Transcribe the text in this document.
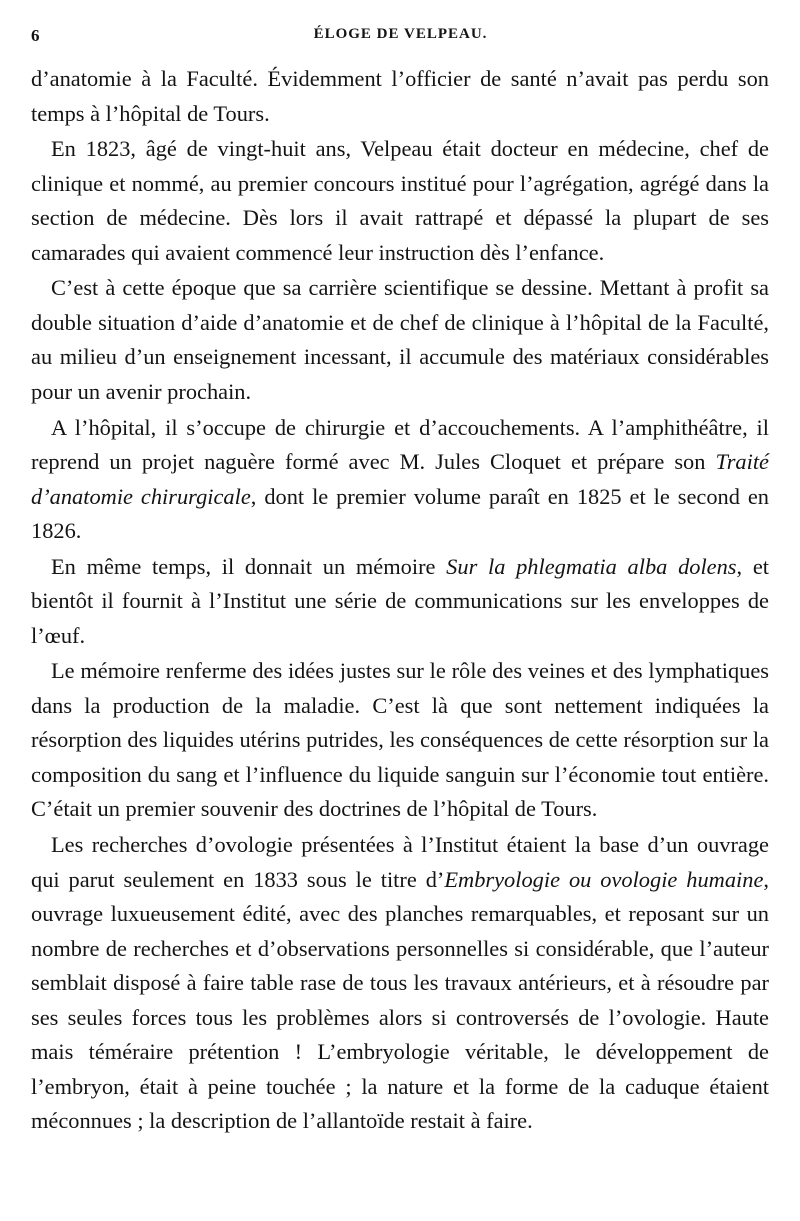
6	ÉLOGE DE VELPEAU.

d’anatomie à la Faculté. Évidemment l’officier de santé n’avait pas perdu son temps à l’hôpital de Tours.

En 1823, âgé de vingt-huit ans, Velpeau était docteur en médecine, chef de clinique et nommé, au premier concours institué pour l’agrégation, agrégé dans la section de médecine. Dès lors il avait rattrapé et dépassé la plupart de ses camarades qui avaient commencé leur instruction dès l’enfance.

C’est à cette époque que sa carrière scientifique se dessine. Mettant à profit sa double situation d’aide d’anatomie et de chef de clinique à l’hôpital de la Faculté, au milieu d’un enseignement incessant, il accumule des matériaux considérables pour un avenir prochain.

A l’hôpital, il s’occupe de chirurgie et d’accouchements. A l’amphithéâtre, il reprend un projet naguère formé avec M. Jules Cloquet et prépare son Traité d’anatomie chirurgicale, dont le premier volume paraît en 1825 et le second en 1826.

En même temps, il donnait un mémoire Sur la phlegmatia alba dolens, et bientôt il fournit à l’Institut une série de communications sur les enveloppes de l’œuf.

Le mémoire renferme des idées justes sur le rôle des veines et des lymphatiques dans la production de la maladie. C’est là que sont nettement indiquées la résorption des liquides utérins putrides, les conséquences de cette résorption sur la composition du sang et l’influence du liquide sanguin sur l’économie tout entière. C’était un premier souvenir des doctrines de l’hôpital de Tours.

Les recherches d’ovologie présentées à l’Institut étaient la base d’un ouvrage qui parut seulement en 1833 sous le titre d’Embryologie ou ovologie humaine, ouvrage luxueusement édité, avec des planches remarquables, et reposant sur un nombre de recherches et d’observations personnelles si considérable, que l’auteur semblait disposé à faire table rase de tous les travaux antérieurs, et à résoudre par ses seules forces tous les problèmes alors si controversés de l’ovologie. Haute mais téméraire prétention ! L’embryologie véritable, le développement de l’embryon, était à peine touchée ; la nature et la forme de la caduque étaient méconnues ; la description de l’allantoïde restait à faire.
